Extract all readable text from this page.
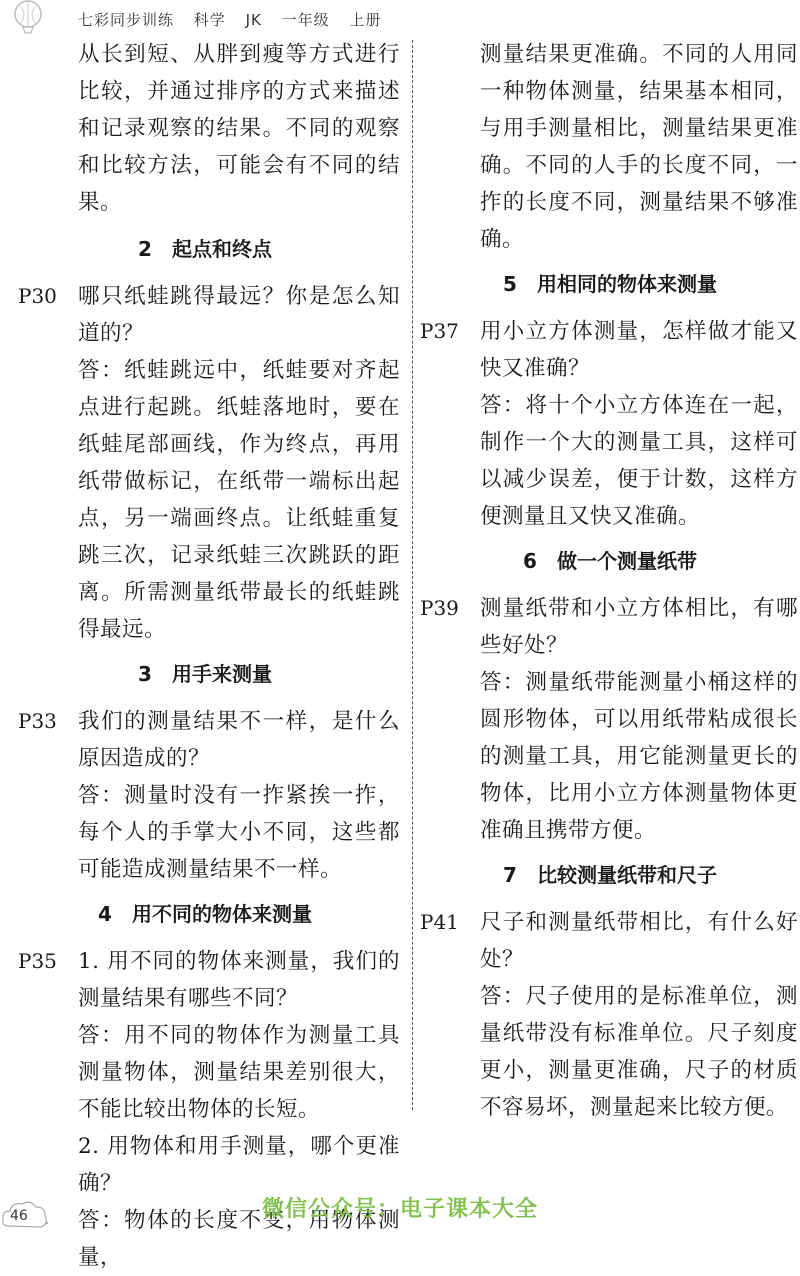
七彩同步训练 科学 JK 一年级 上册
从长到短、从胖到瘦等方式进行比较，并通过排序的方式来描述和记录观察的结果。不同的观察和比较方法，可能会有不同的结果。
2　起点和终点
P30 哪只纸蛙跳得最远？你是怎么知道的？
答：纸蛙跳远中，纸蛙要对齐起点进行起跳。纸蛙落地时，要在纸蛙尾部画线，作为终点，再用纸带做标记，在纸带一端标出起点，另一端画终点。让纸蛙重复跳三次，记录纸蛙三次跳跃的距离。所需测量纸带最长的纸蛙跳得最远。
3　用手来测量
P33 我们的测量结果不一样，是什么原因造成的？
答：测量时没有一拃紧挨一拃，每个人的手掌大小不同，这些都可能造成测量结果不一样。
4　用不同的物体来测量
P35 1. 用不同的物体来测量，我们的测量结果有哪些不同？
答：用不同的物体作为测量工具测量物体，测量结果差别很大，不能比较出物体的长短。
2. 用物体和用手测量，哪个更准确？
答：物体的长度不变，用物体测量，
测量结果更准确。不同的人用同一种物体测量，结果基本相同，与用手测量相比，测量结果更准确。不同的人手的长度不同，一拃的长度不同，测量结果不够准确。
5　用相同的物体来测量
P37 用小立方体测量，怎样做才能又快又准确？
答：将十个小立方体连在一起，制作一个大的测量工具，这样可以减少误差，便于计数，这样方便测量且又快又准确。
6　做一个测量纸带
P39 测量纸带和小立方体相比，有哪些好处？
答：测量纸带能测量小桶这样的圆形物体，可以用纸带粘成很长的测量工具，用它能测量更长的物体，比用小立方体测量物体更准确且携带方便。
7　比较测量纸带和尺子
P41 尺子和测量纸带相比，有什么好处？
答：尺子使用的是标准单位，测量纸带没有标准单位。尺子刻度更小，测量更准确，尺子的材质不容易坏，测量起来比较方便。
46	微信公众号：电子课本大全
